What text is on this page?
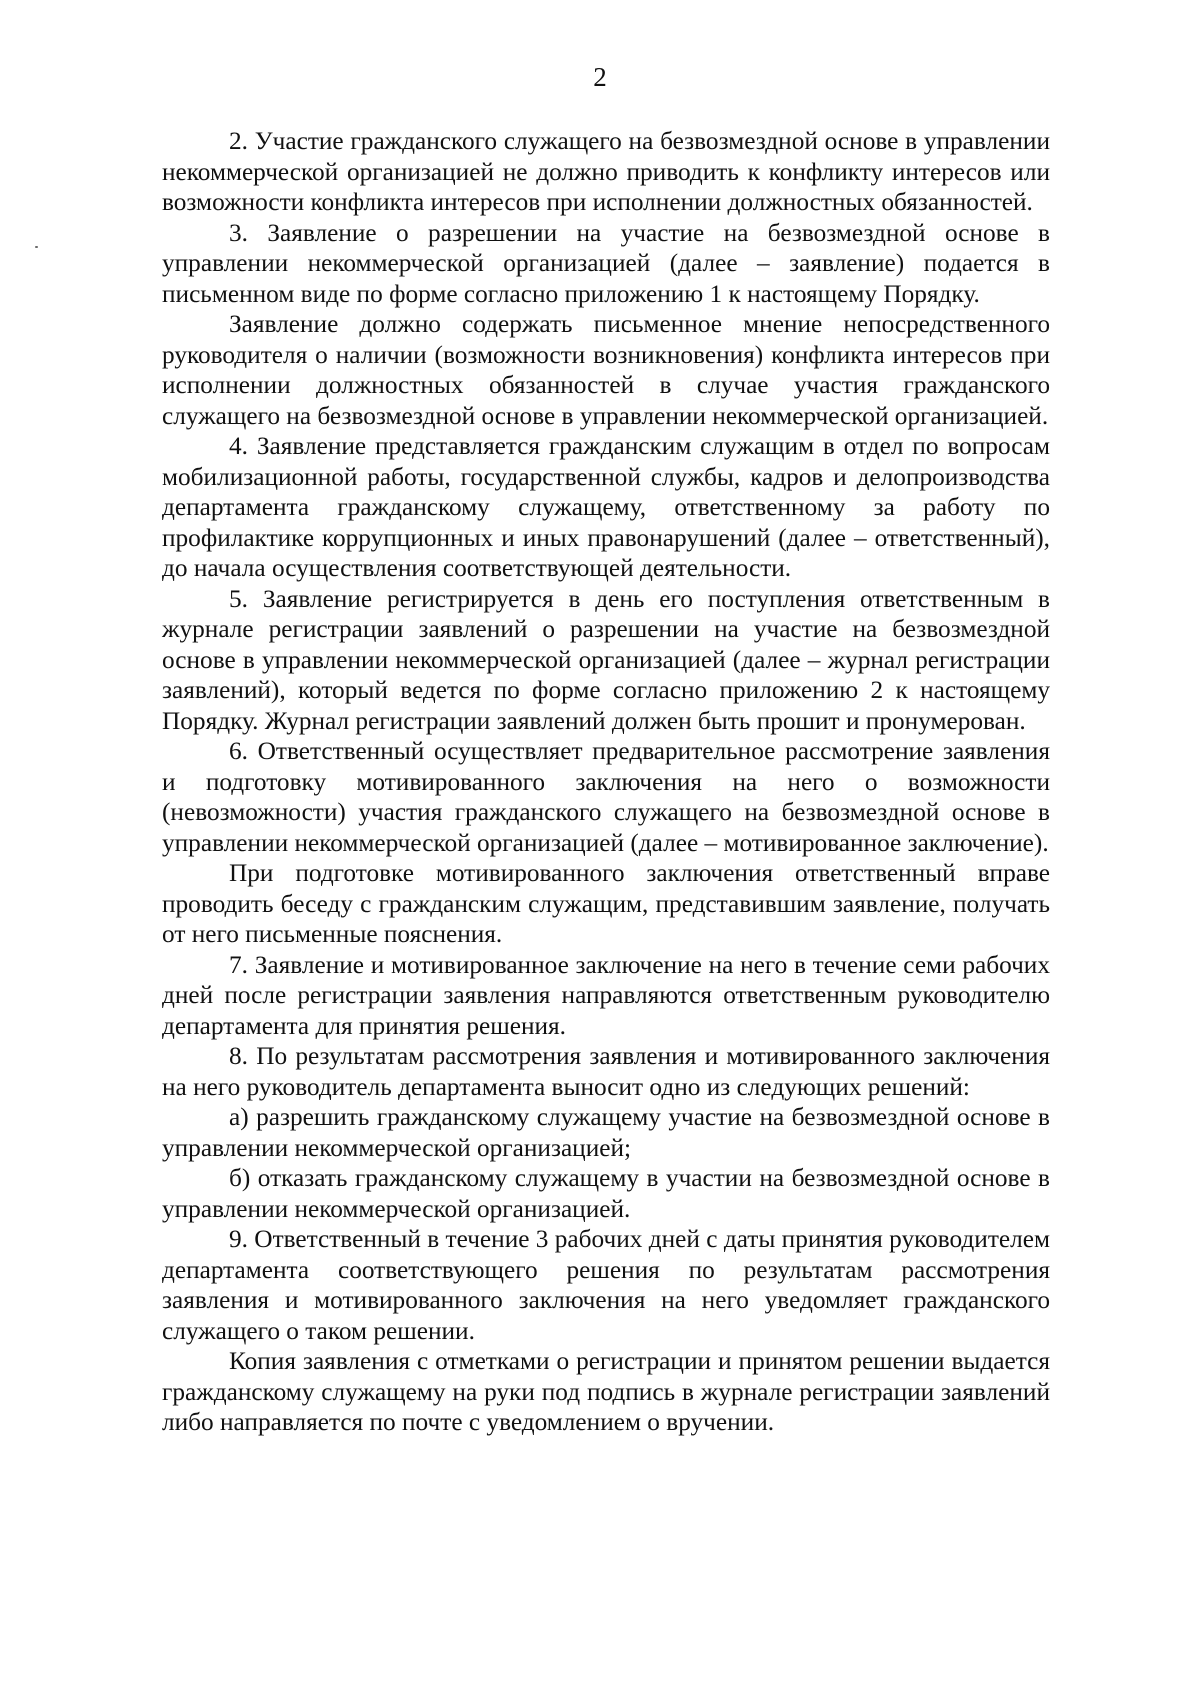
2

2. Участие гражданского служащего на безвозмездной основе в управлении некоммерческой организацией не должно приводить к конфликту интересов или возможности конфликта интересов при исполнении должностных обязанностей.

3. Заявление о разрешении на участие на безвозмездной основе в управлении некоммерческой организацией (далее – заявление) подается в письменном виде по форме согласно приложению 1 к настоящему Порядку.

Заявление должно содержать письменное мнение непосредственного руководителя о наличии (возможности возникновения) конфликта интересов при исполнении должностных обязанностей в случае участия гражданского служащего на безвозмездной основе в управлении некоммерческой организацией.

4. Заявление представляется гражданским служащим в отдел по вопросам мобилизационной работы, государственной службы, кадров и делопроизводства департамента гражданскому служащему, ответственному за работу по профилактике коррупционных и иных правонарушений (далее – ответственный), до начала осуществления соответствующей деятельности.

5. Заявление регистрируется в день его поступления ответственным в журнале регистрации заявлений о разрешении на участие на безвозмездной основе в управлении некоммерческой организацией (далее – журнал регистрации заявлений), который ведется по форме согласно приложению 2 к настоящему Порядку. Журнал регистрации заявлений должен быть прошит и пронумерован.

6. Ответственный осуществляет предварительное рассмотрение заявления и подготовку мотивированного заключения на него о возможности (невозможности) участия гражданского служащего на безвозмездной основе в управлении некоммерческой организацией (далее – мотивированное заключение).

При подготовке мотивированного заключения ответственный вправе проводить беседу с гражданским служащим, представившим заявление, получать от него письменные пояснения.

7. Заявление и мотивированное заключение на него в течение семи рабочих дней после регистрации заявления направляются ответственным руководителю департамента для принятия решения.

8. По результатам рассмотрения заявления и мотивированного заключения на него руководитель департамента выносит одно из следующих решений:

а) разрешить гражданскому служащему участие на безвозмездной основе в управлении некоммерческой организацией;

б) отказать гражданскому служащему в участии на безвозмездной основе в управлении некоммерческой организацией.

9. Ответственный в течение 3 рабочих дней с даты принятия руководителем департамента соответствующего решения по результатам рассмотрения заявления и мотивированного заключения на него уведомляет гражданского служащего о таком решении.

Копия заявления с отметками о регистрации и принятом решении выдается гражданскому служащему на руки под подпись в журнале регистрации заявлений либо направляется по почте с уведомлением о вручении.
